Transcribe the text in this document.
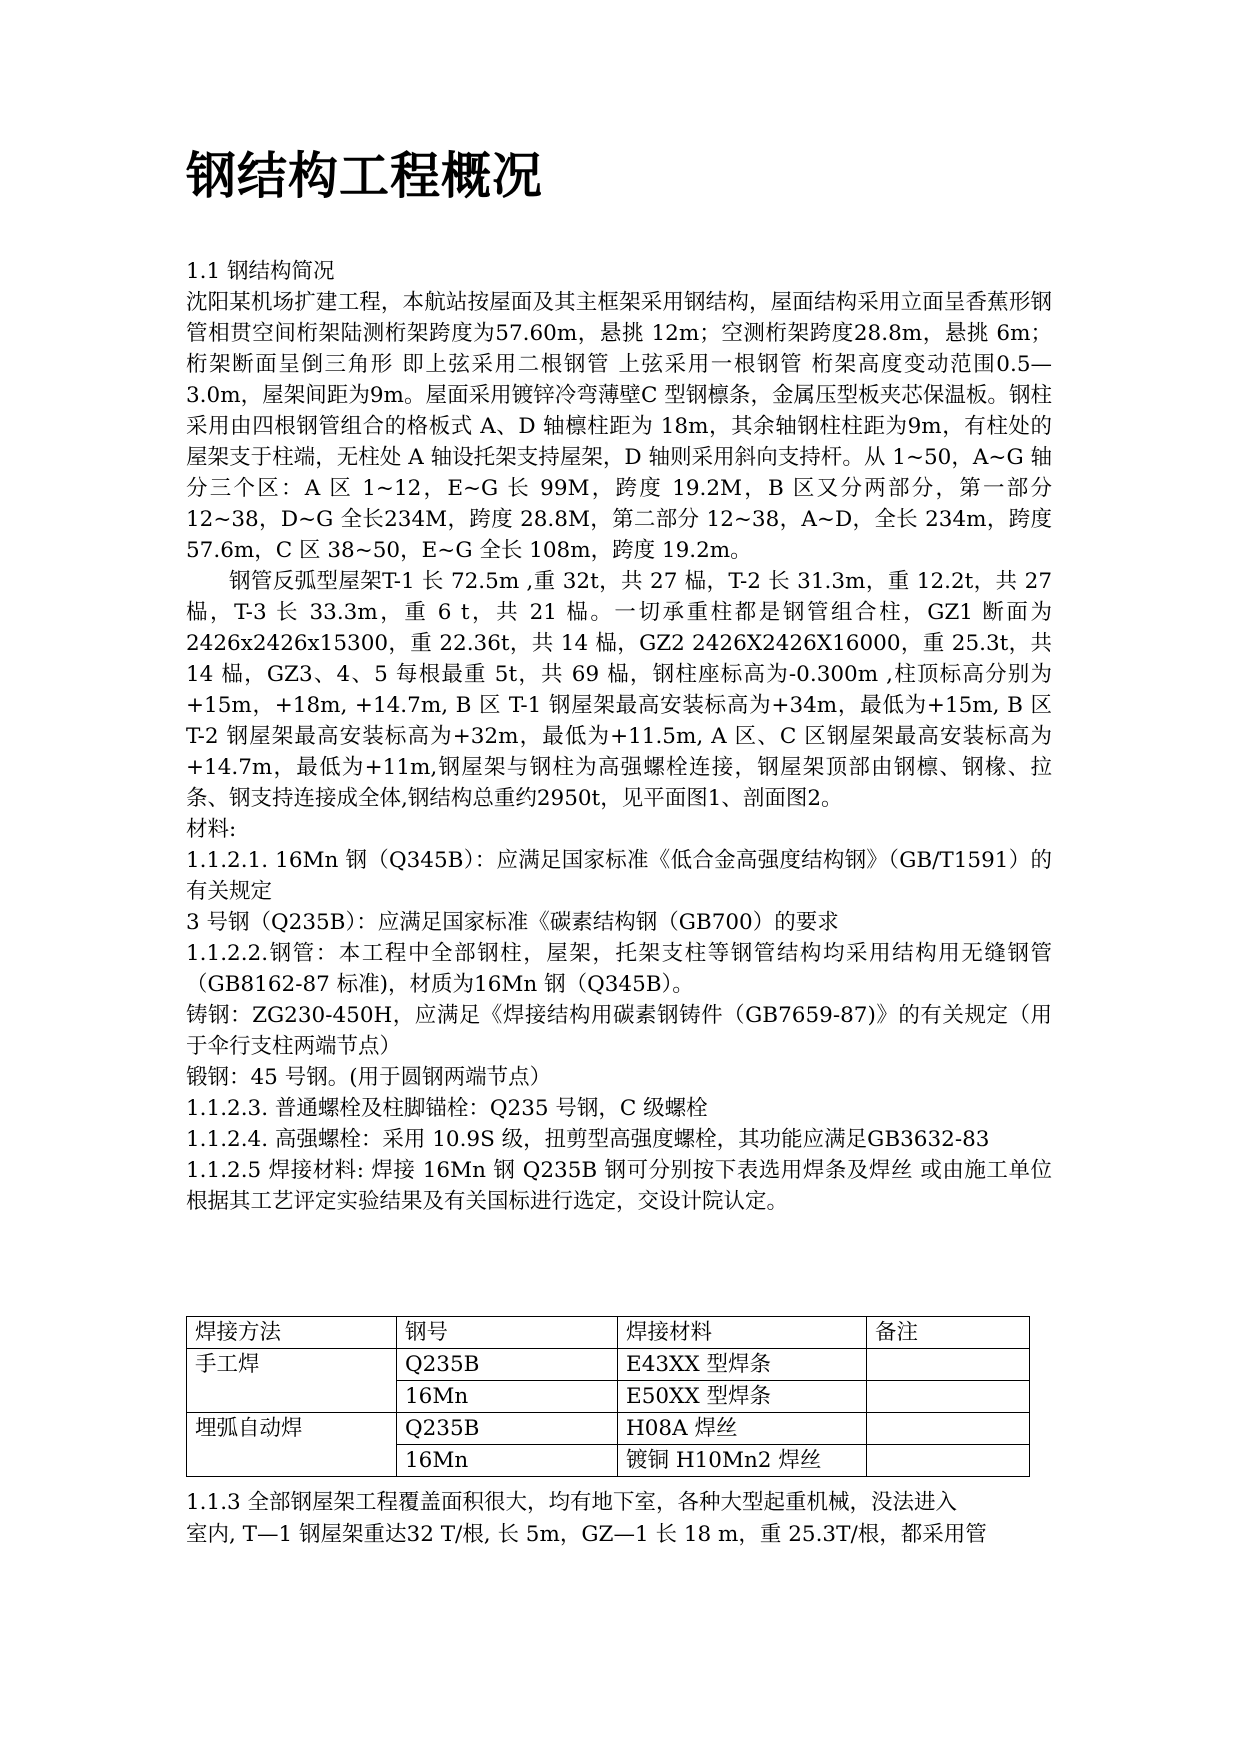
钢结构工程概况

1.1 钢结构简况

沈阳某机场扩建工程，本航站按屋面及其主框架采用钢结构，屋面结构采用立面呈香蕉形钢管相贯空间桁架陆测桁架跨度为57.60m，悬挑 12m；空测桁架跨度28.8m，悬挑 6m；桁架断面呈倒三角形 即上弦采用二根钢管 上弦采用一根钢管 桁架高度变动范围0.5—3.0m，屋架间距为9m。屋面采用镀锌冷弯薄壁C 型钢檩条，金属压型板夹芯保温板。钢柱采用由四根钢管组合的格板式 A、D 轴檩柱距为 18m，其余轴钢柱柱距为9m，有柱处的屋架支于柱端，无柱处 A 轴设托架支持屋架，D 轴则采用斜向支持杆。从 1~50，A~G 轴分三个区：A 区 1~12，E~G 长 99M，跨度 19.2M，B 区又分两部分，第一部分12~38，D~G 全长234M，跨度 28.8M，第二部分 12~38，A~D，全长 234m，跨度 57.6m，C 区 38~50，E~G 全长 108m，跨度 19.2m。

钢管反弧型屋架T-1 长 72.5m ,重 32t，共 27 榀，T-2 长 31.3m，重 12.2t，共 27 榀，T-3 长 33.3m，重 6 t，共 21 榀。一切承重柱都是钢管组合柱，GZ1 断面为 2426x2426x15300，重 22.36t，共 14 榀，GZ2 2426X2426X16000，重 25.3t，共 14 榀，GZ3、4、5 每根最重 5t，共 69 榀，钢柱座标高为-0.300m ,柱顶标高分别为+15m，+18m, +14.7m, B 区 T-1 钢屋架最高安装标高为+34m，最低为+15m, B 区 T-2 钢屋架最高安装标高为+32m，最低为+11.5m, A 区、C 区钢屋架最高安装标高为+14.7m，最低为+11m,钢屋架与钢柱为高强螺栓连接，钢屋架顶部由钢檩、钢椽、拉条、钢支持连接成全体,钢结构总重约2950t，见平面图1、剖面图2。

材料:

1.1.2.1. 16Mn 钢（Q345B）：应满足国家标准《低合金高强度结构钢》（GB/T1591）的有关规定

3 号钢（Q235B）：应满足国家标准《碳素结构钢（GB700）的要求

1.1.2.2.钢管：本工程中全部钢柱，屋架，托架支柱等钢管结构均采用结构用无缝钢管（GB8162-87 标准)，材质为16Mn 钢（Q345B）。

铸钢：ZG230-450H，应满足《焊接结构用碳素钢铸件（GB7659-87)》的有关规定（用于伞行支柱两端节点）

锻钢：45 号钢。(用于圆钢两端节点）

1.1.2.3. 普通螺栓及柱脚锚栓：Q235 号钢，C 级螺栓

1.1.2.4. 高强螺栓：采用 10.9S 级，扭剪型高强度螺栓，其功能应满足GB3632-83

1.1.2.5 焊接材料: 焊接 16Mn 钢 Q235B 钢可分别按下表选用焊条及焊丝 或由施工单位根据其工艺评定实验结果及有关国标进行选定，交设计院认定。

焊接方法	钢号	焊接材料	备注
手工焊	Q235B	E43XX 型焊条	
	16Mn	E50XX 型焊条	
埋弧自动焊	Q235B	H08A 焊丝	
	16Mn	镀铜 H10Mn2 焊丝	

1.1.3 全部钢屋架工程覆盖面积很大，均有地下室，各种大型起重机械，没法进入

室内, T—1 钢屋架重达32 T/根, 长 5m，GZ—1 长 18 m，重 25.3T/根，都采用管
